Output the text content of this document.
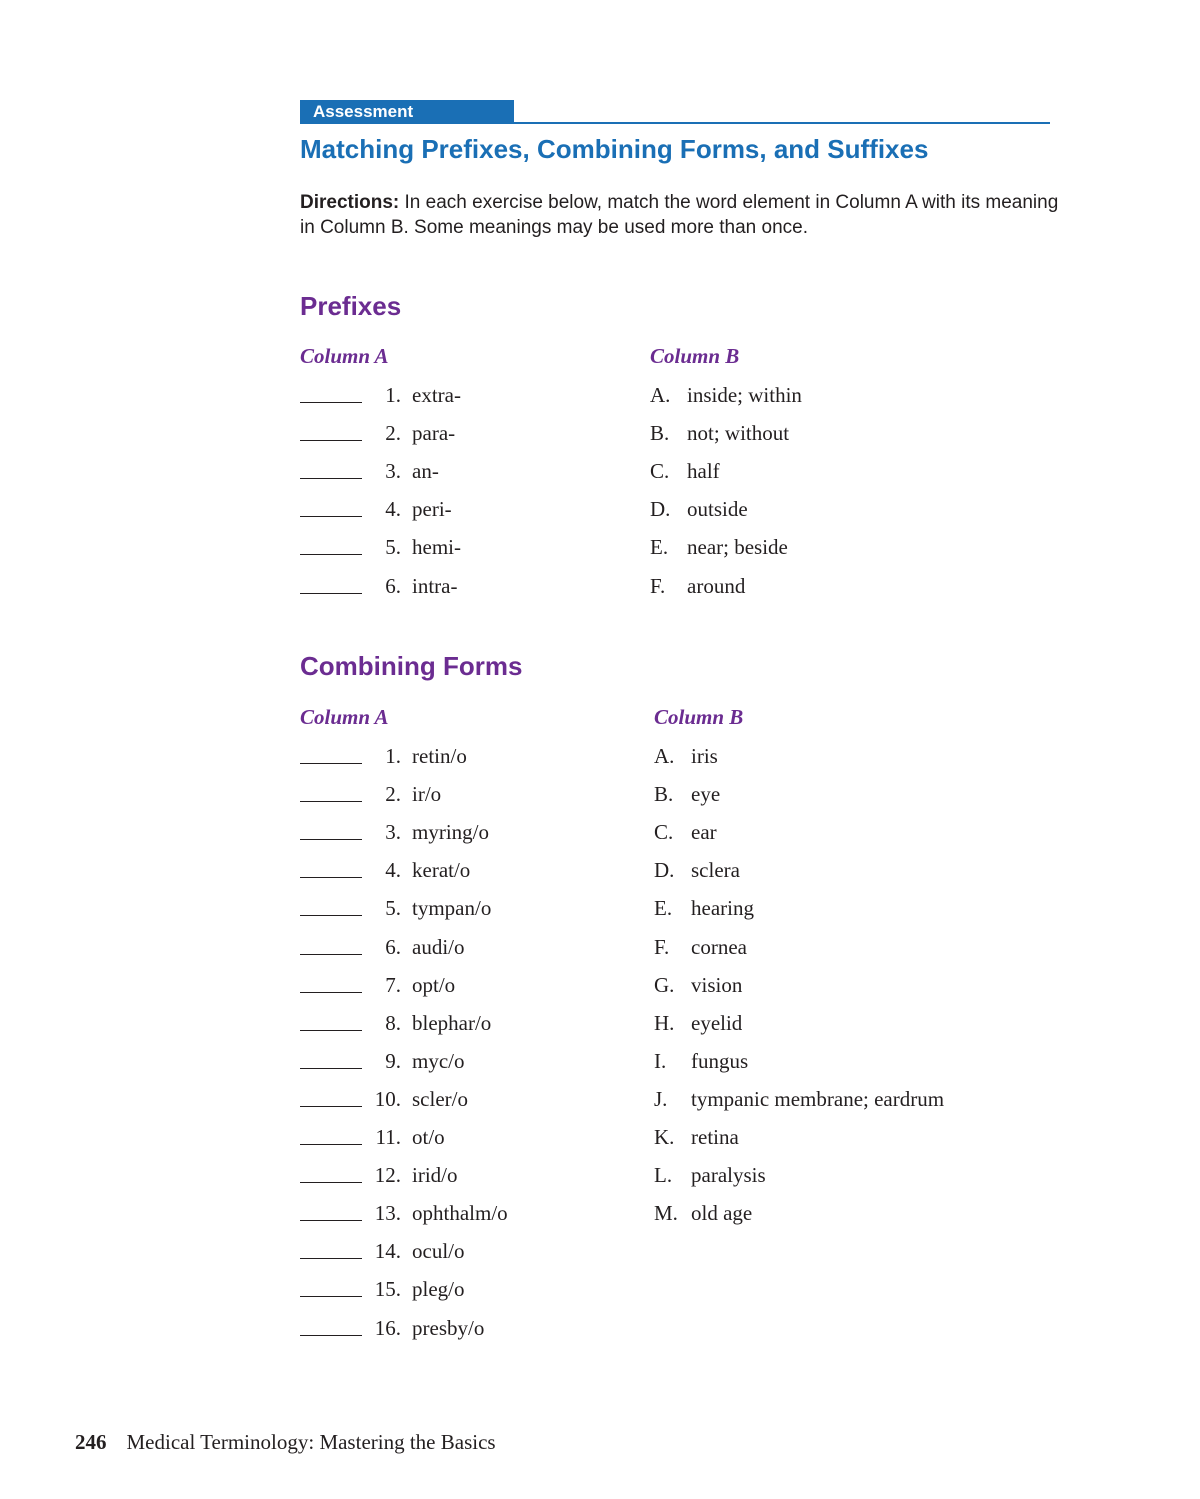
Assessment
Matching Prefixes, Combining Forms, and Suffixes
Directions: In each exercise below, match the word element in Column A with its meaning in Column B. Some meanings may be used more than once.
Prefixes
Column A	Column B
1. extra-
2. para-
3. an-
4. peri-
5. hemi-
6. intra-
A. inside; within
B. not; without
C. half
D. outside
E. near; beside
F. around
Combining Forms
Column A	Column B
1. retin/o
2. ir/o
3. myring/o
4. kerat/o
5. tympan/o
6. audi/o
7. opt/o
8. blephar/o
9. myc/o
10. scler/o
11. ot/o
12. irid/o
13. ophthalm/o
14. ocul/o
15. pleg/o
16. presby/o
A. iris
B. eye
C. ear
D. sclera
E. hearing
F. cornea
G. vision
H. eyelid
I. fungus
J. tympanic membrane; eardrum
K. retina
L. paralysis
M. old age
246 Medical Terminology: Mastering the Basics
